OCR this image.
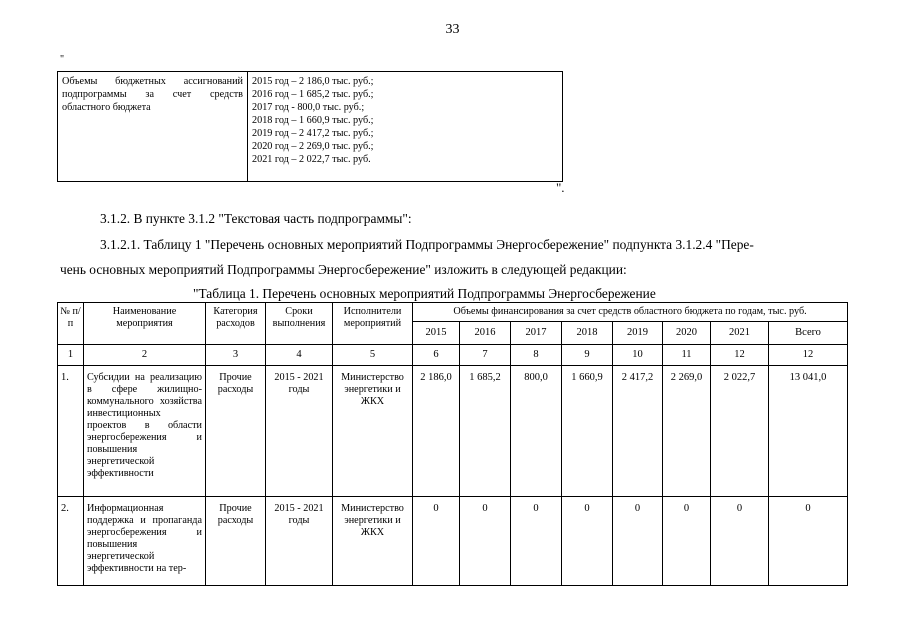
33
"
Объемы бюджетных ассигнований подпрограммы за счет средств областного бюджета	
2015 год – 2 186,0 тыс. руб.;
2016 год – 1 685,2 тыс. руб.;
2017 год - 800,0 тыс. руб.;
2018 год – 1 660,9 тыс. руб.;
2019 год – 2 417,2 тыс. руб.;
2020 год – 2 269,0 тыс. руб.;
2021 год – 2 022,7 тыс. руб.
".
3.1.2. В пункте 3.1.2 "Текстовая часть подпрограммы":
3.1.2.1. Таблицу 1 "Перечень основных мероприятий Подпрограммы Энергосбережение" подпункта 3.1.2.4 "Пере-
чень основных мероприятий Подпрограммы Энергосбережение" изложить в следующей редакции:
"Таблица 1. Перечень основных мероприятий Подпрограммы Энергосбережение
№ п/п	Наименование мероприятия	Категория расходов	Сроки выполнения	Исполнители мероприятий	Объемы финансирования за счет средств областного бюджета по годам, тыс. руб.							
					2015	2016	2017	2018	2019	2020	2021	Всего
1	2	3	4	5	6	7	8	9	10	11	12	12
1.	Субсидии на реализацию в сфере жилищно-коммунального хозяйства инвестиционных проектов в области энергосбережения и повышения энергетической эффективности	Прочие расходы	2015 - 2021 годы	Министерство энергетики и ЖКХ	2 186,0	1 685,2	800,0	1 660,9	2 417,2	2 269,0	2 022,7	13 041,0
2.	Информационная поддержка и пропаганда энергосбережения и повышения энергетической эффективности на тер-	Прочие расходы	2015 - 2021 годы	Министерство энергетики и ЖКХ	0	0	0	0	0	0	0	0
